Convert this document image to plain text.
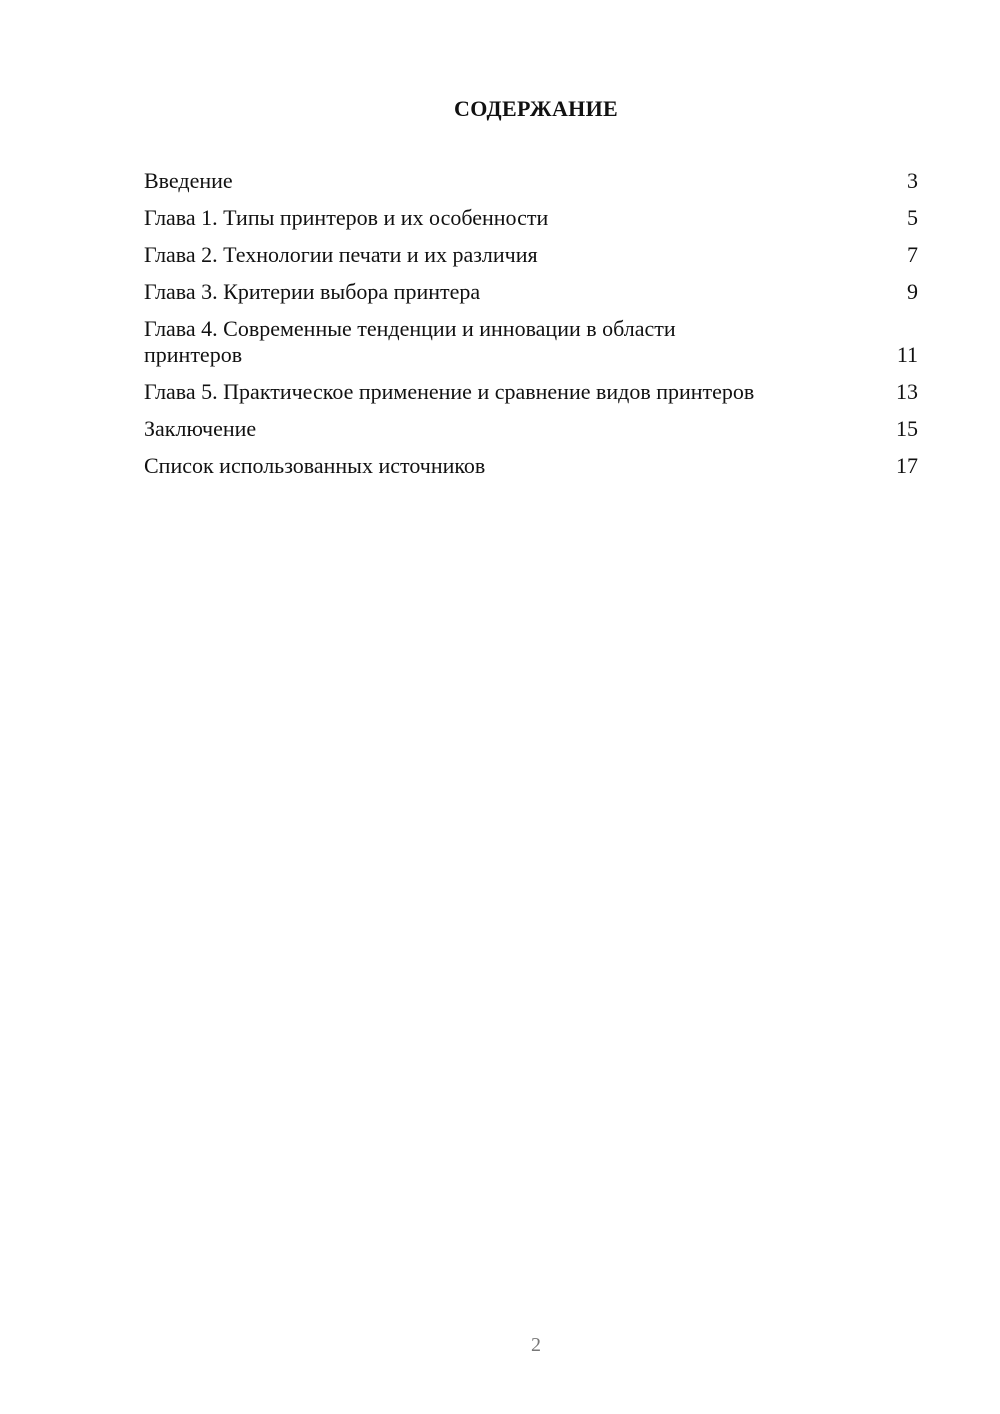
СОДЕРЖАНИЕ
Введение	3
Глава 1. Типы принтеров и их особенности	5
Глава 2. Технологии печати и их различия	7
Глава 3. Критерии выбора принтера	9
Глава 4. Современные тенденции и инновации в области принтеров	11
Глава 5. Практическое применение и сравнение видов принтеров	13
Заключение	15
Список использованных источников	17
2
